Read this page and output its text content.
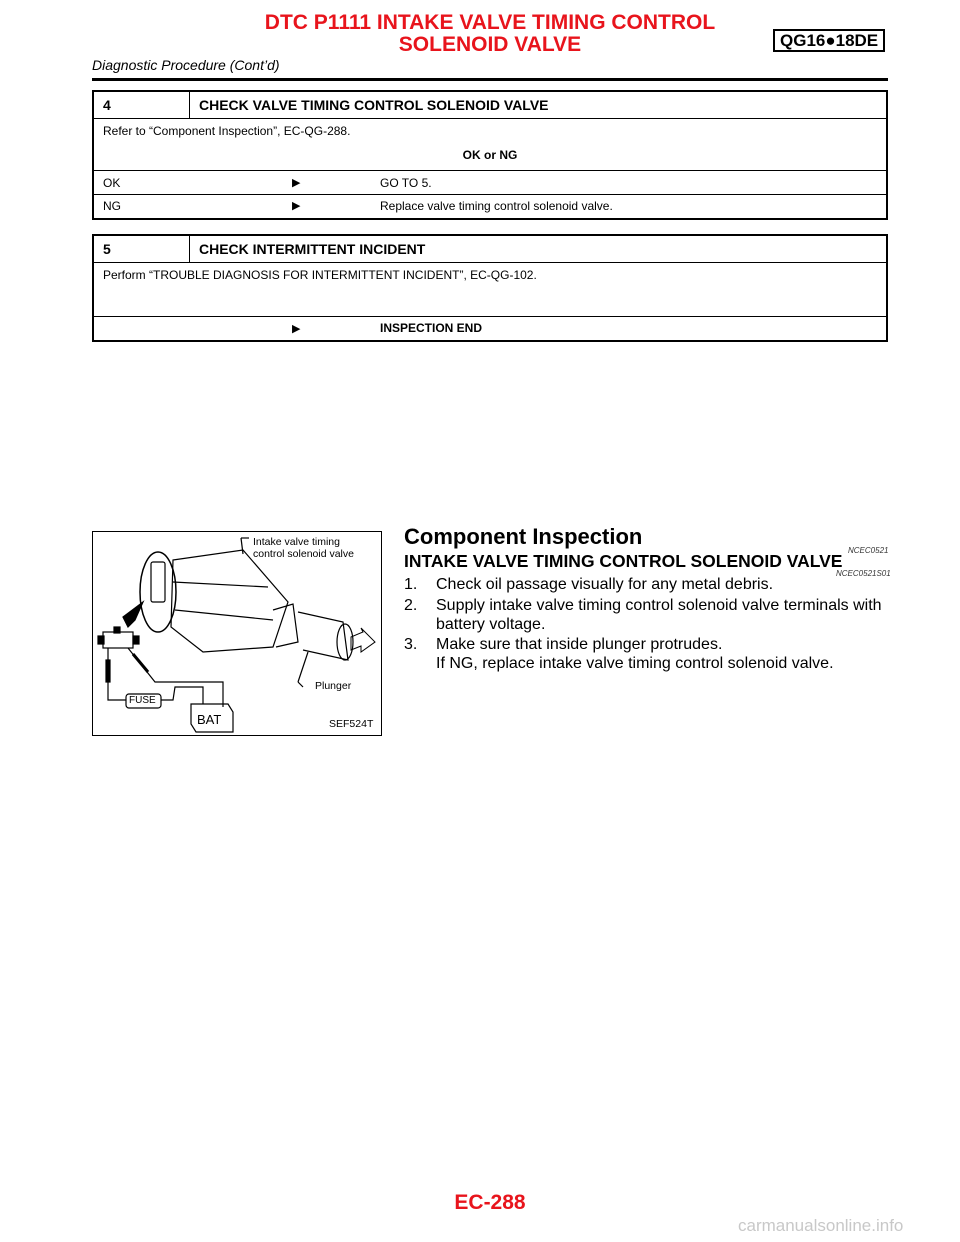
DTC P1111 INTAKE VALVE TIMING CONTROL
SOLENOID VALVE	QG16●18DE
Diagnostic Procedure (Cont’d)
4	CHECK VALVE TIMING CONTROL SOLENOID VALVE	

Refer to “Component Inspection”, EC-QG-288.
OK or NG		

OK ▶		GO TO 5.
NG ▶		Replace valve timing control solenoid valve.
5	CHECK INTERMITTENT INCIDENT	
Perform “TROUBLE DIAGNOSIS FOR INTERMITTENT INCIDENT”, EC-QG-102.		

▶		INSPECTION END
Intake valve timing
control solenoid valve
Plunger
FUSE
BAT	SEF524T
Component Inspection
NCEC0521
INTAKE VALVE TIMING CONTROL SOLENOID VALVE
NCEC0521S01
1. Check oil passage visually for any metal debris.
2. Supply intake valve timing control solenoid valve terminals with
battery voltage.
3. Make sure that inside plunger protrudes.
If NG, replace intake valve timing control solenoid valve.
EC-288
carmanualsonline.info
